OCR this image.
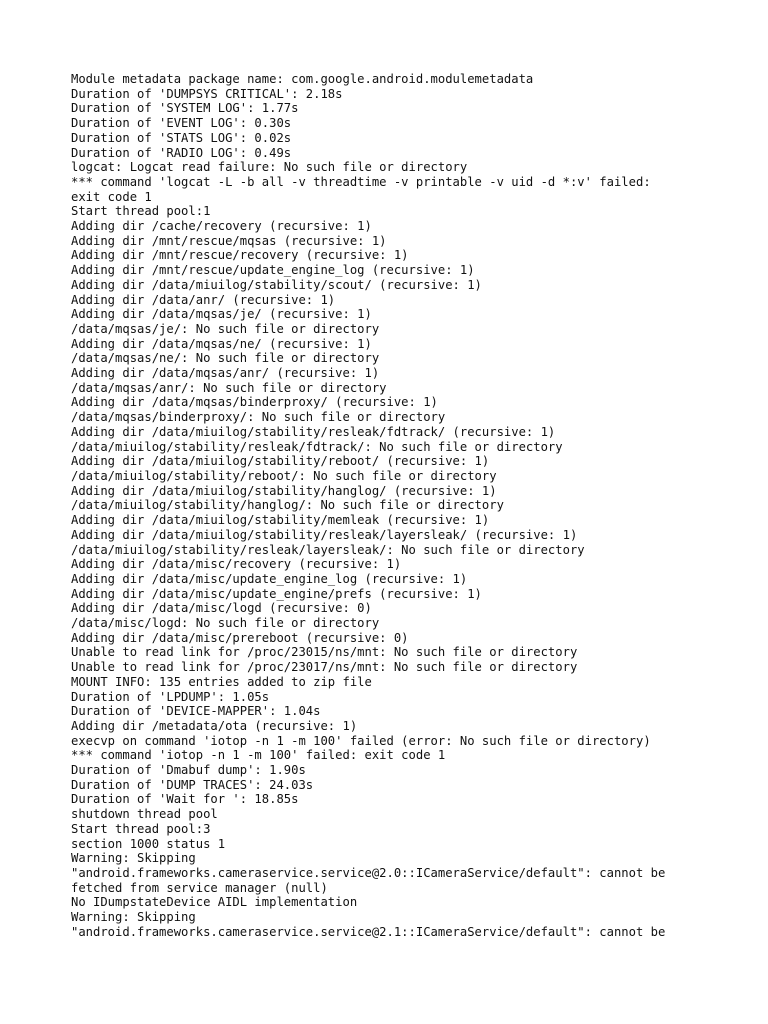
Module metadata package name: com.google.android.modulemetadata
Duration of 'DUMPSYS CRITICAL': 2.18s
Duration of 'SYSTEM LOG': 1.77s
Duration of 'EVENT LOG': 0.30s
Duration of 'STATS LOG': 0.02s
Duration of 'RADIO LOG': 0.49s
logcat: Logcat read failure: No such file or directory
*** command 'logcat -L -b all -v threadtime -v printable -v uid -d *:v' failed:
exit code 1
Start thread pool:1
Adding dir /cache/recovery (recursive: 1)
Adding dir /mnt/rescue/mqsas (recursive: 1)
Adding dir /mnt/rescue/recovery (recursive: 1)
Adding dir /mnt/rescue/update_engine_log (recursive: 1)
Adding dir /data/miuilog/stability/scout/ (recursive: 1)
Adding dir /data/anr/ (recursive: 1)
Adding dir /data/mqsas/je/ (recursive: 1)
/data/mqsas/je/: No such file or directory
Adding dir /data/mqsas/ne/ (recursive: 1)
/data/mqsas/ne/: No such file or directory
Adding dir /data/mqsas/anr/ (recursive: 1)
/data/mqsas/anr/: No such file or directory
Adding dir /data/mqsas/binderproxy/ (recursive: 1)
/data/mqsas/binderproxy/: No such file or directory
Adding dir /data/miuilog/stability/resleak/fdtrack/ (recursive: 1)
/data/miuilog/stability/resleak/fdtrack/: No such file or directory
Adding dir /data/miuilog/stability/reboot/ (recursive: 1)
/data/miuilog/stability/reboot/: No such file or directory
Adding dir /data/miuilog/stability/hanglog/ (recursive: 1)
/data/miuilog/stability/hanglog/: No such file or directory
Adding dir /data/miuilog/stability/memleak (recursive: 1)
Adding dir /data/miuilog/stability/resleak/layersleak/ (recursive: 1)
/data/miuilog/stability/resleak/layersleak/: No such file or directory
Adding dir /data/misc/recovery (recursive: 1)
Adding dir /data/misc/update_engine_log (recursive: 1)
Adding dir /data/misc/update_engine/prefs (recursive: 1)
Adding dir /data/misc/logd (recursive: 0)
/data/misc/logd: No such file or directory
Adding dir /data/misc/prereboot (recursive: 0)
Unable to read link for /proc/23015/ns/mnt: No such file or directory
Unable to read link for /proc/23017/ns/mnt: No such file or directory
MOUNT INFO: 135 entries added to zip file
Duration of 'LPDUMP': 1.05s
Duration of 'DEVICE-MAPPER': 1.04s
Adding dir /metadata/ota (recursive: 1)
execvp on command 'iotop -n 1 -m 100' failed (error: No such file or directory)
*** command 'iotop -n 1 -m 100' failed: exit code 1
Duration of 'Dmabuf dump': 1.90s
Duration of 'DUMP TRACES': 24.03s
Duration of 'Wait for ': 18.85s
shutdown thread pool
Start thread pool:3
section 1000 status 1
Warning: Skipping
"android.frameworks.cameraservice.service@2.0::ICameraService/default": cannot be
fetched from service manager (null)
No IDumpstateDevice AIDL implementation
Warning: Skipping
"android.frameworks.cameraservice.service@2.1::ICameraService/default": cannot be
